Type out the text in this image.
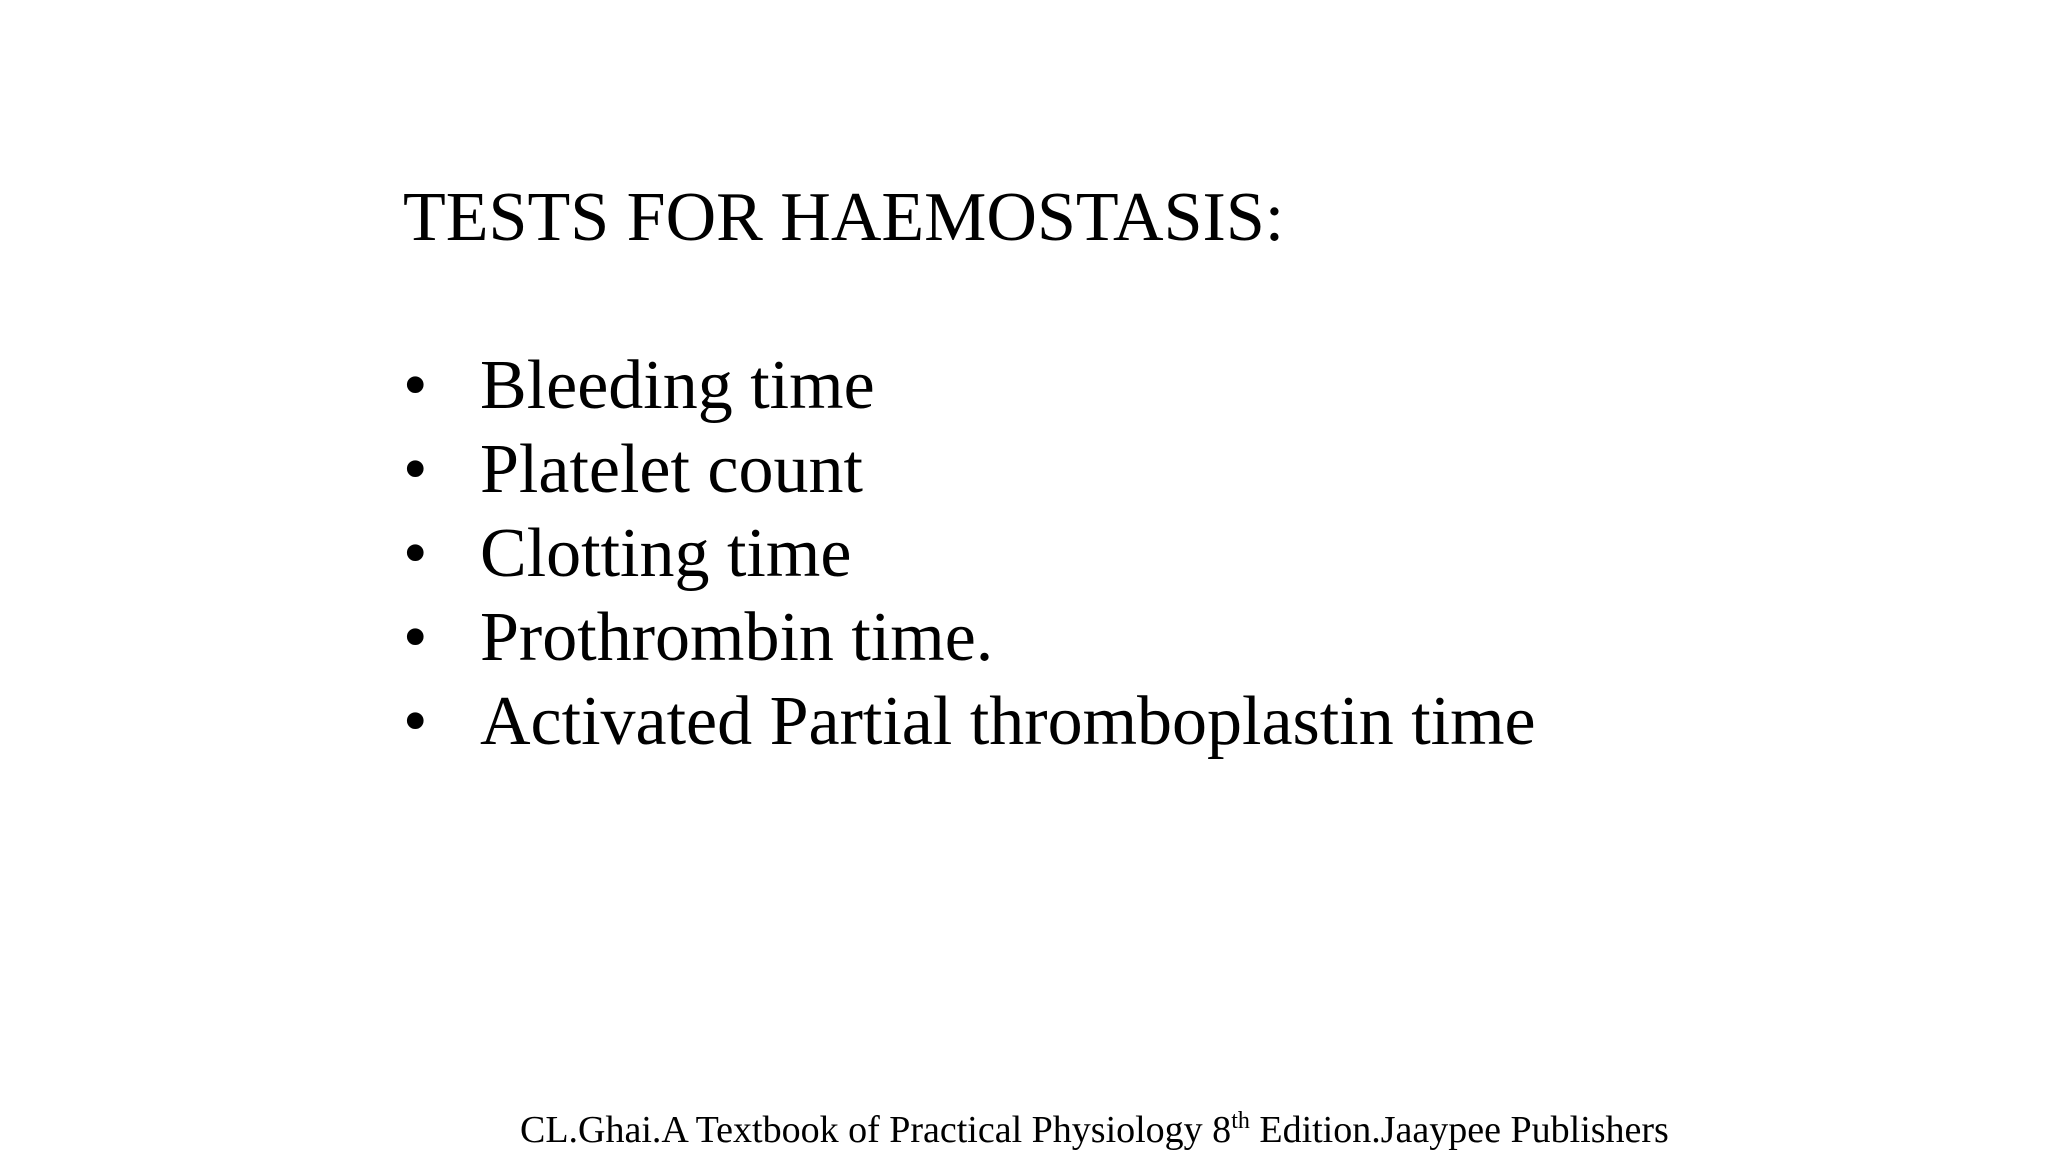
TESTS FOR HAEMOSTASIS:
• Bleeding time
• Platelet count
• Clotting time
• Prothrombin time.
• Activated Partial thromboplastin time
CL.Ghai.A Textbook of Practical Physiology 8th Edition.Jaaypee Publishers
